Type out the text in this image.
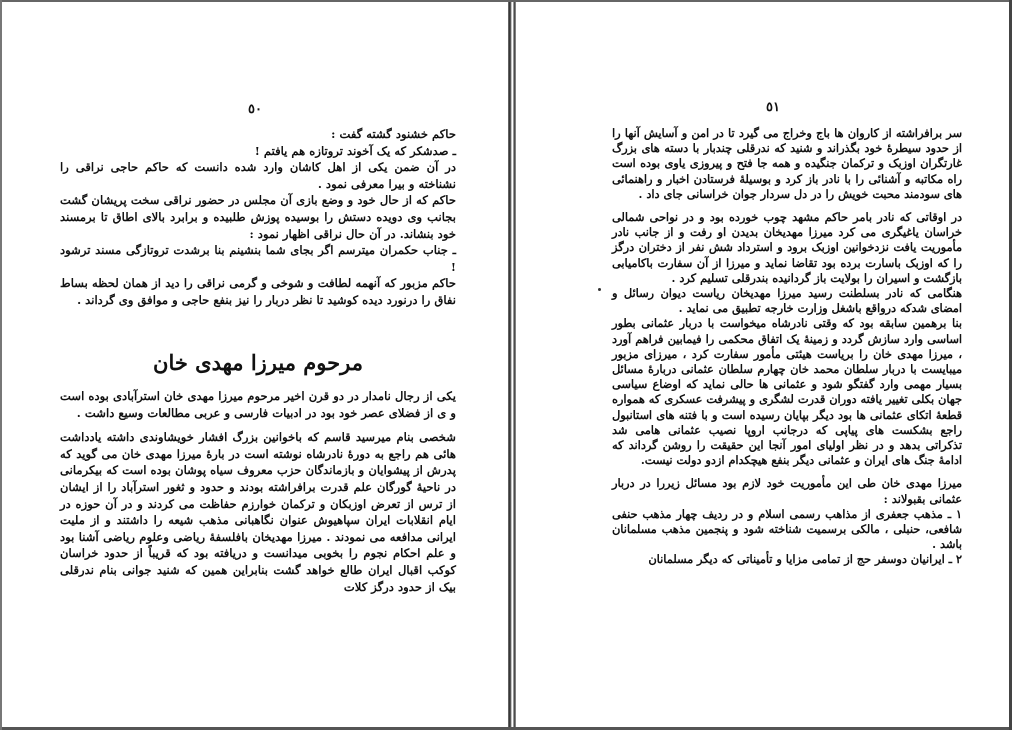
٥٠

حاکم خشنود گشته گفت :

ـ صدشکر که یک آخوند تروتازه هم یافتم !

در آن ضمن یکی از اهل کاشان وارد شده دانست که حاکم حاجی نراقی را نشناخته و بیرا معرفی نمود .

حاکم که از حال خود و وضع بازی آن مجلس در حضور نراقی سخت پریشان گشت بجانب وی دویده دستش را بوسیده پوزش طلبیده و برابرد بالای اطاق تا برمسند خود بنشاند. در آن حال نراقی اظهار نمود :

ـ جناب حکمران میترسم اگر بجای شما بنشینم بنا برشدت تروتازگی مسند ترشود !

حاکم مزبور که آنهمه لطافت و شوخی و گرمی نراقی را دید از همان لحظه بساط نفاق را درنورد دیده کوشید تا نظر دربار را نیز بنفع حاجی و موافق وی گرداند .

مرحوم میرزا مهدی خان

یکی از رجال نامدار در دو قرن اخیر مرحوم میرزا مهدی خان استرآبادی بوده است و ی از فضلای عصر خود بود در ادبیات فارسی و عربی مطالعات وسیع داشت .

شخصی بنام میرسید قاسم که باخوانین بزرگ افشار خویشاوندی داشته یادداشت هائی هم راجع به دورهٔ نادرشاه نوشته است در بارهٔ میرزا مهدی خان می گوید که پدرش از پیشوایان و بازماندگان حزب معروف سیاه پوشان بوده است که بیکرمانی در ناحیهٔ گورگان علم قدرت برافراشته بودند و حدود و ثغور استرآباد را از ایشان از ترس از تعرض اوزبکان و ترکمان خوارزم حفاظت می کردند و در آن حوزه در ایام انقلابات ایران سپاهیوش عنوان نگاهبانی مذهب شیعه را داشتند و از ملیت ایرانی مدافعه می نمودند . میرزا مهدیخان بافلسفهٔ ریاضی وعلوم ریاضی آشنا بود و علم احکام نجوم را بخوبی میدانست و دریافته بود که قریباً از حدود خراسان کوکب اقبال ایران طالع خواهد گشت بنابراین همین که شنید جوانی بنام ندرقلی بیک از حدود درگز کلات

٥١

سر برافراشته از کاروان ها باج وخراج می گیرد تا در امن و آسایش آنها را از حدود سیطرهٔ خود بگذراند و شنید که ندرقلی چندبار با دسته های بزرگ غارتگران اوزبک و ترکمان جنگیده و همه جا فتح و پیروزی یاوی بوده است راه مکاتبه و آشنائی را با نادر باز کرد و بوسیلهٔ فرستادن اخبار و راهنمائی های سودمند محبت خویش را در دل سردار جوان خراسانی جای داد .

در اوقاتی که نادر بامر حاکم مشهد چوب خورده بود و در نواحی شمالی خراسان یاغیگری می کرد میرزا مهدیخان بدیدن او رفت و از جانب نادر مأموریت یافت نزدخوانین اوزبک برود و استرداد شش نفر از دختران درگز را که اوزبک باسارت برده بود تقاضا نماید و میرزا از آن سفارت باکامیابی بازگشت و اسیران را بولایت باز گردانیده بندرقلی تسلیم کرد .

هنگامی که نادر بسلطنت رسید میرزا مهدیخان ریاست دیوان رسائل و امضای شدکه درواقع باشغل وزارت خارجه تطبیق می نماید .

بنا برهمین سابقه بود که وقتی نادرشاه میخواست با دربار عثمانی بطور اساسی وارد سازش گردد و زمینهٔ یک اتفاق محکمی را فیمابین فراهم آورد ، میرزا مهدی خان را بریاست هیئتی مأمور سفارت کرد ، میرزای مزبور میبایست با دربار سلطان محمد خان چهارم سلطان عثمانی دربارهٔ مسائل بسیار مهمی وارد گفتگو شود و عثمانی ها حالی نماید که اوضاع سیاسی جهان بکلی تغییر یافته دوران قدرت لشگری و پیشرفت عسکری که همواره قطعهٔ اتکای عثمانی ها بود دیگر بپایان رسیده است و با فتنه های استانبول راجع بشکست های پیاپی که درجانب اروپا نصیب عثمانی هامی شد تذکراتی بدهد و در نظر اولیای امور آنجا این حقیقت را روشن گرداند که ادامهٔ جنگ های ایران و عثمانی دیگر بنفع هیچکدام ازدو دولت نیست.

میرزا مهدی خان طی این مأموریت خود لازم بود مسائل زیررا در دربار عثمانی بقبولاند :

۱ ـ مذهب جعفری از مذاهب رسمی اسلام و در ردیف چهار مذهب حنفی شافعی، حنبلی ، مالکی برسمیت شناخته شود و پنجمین مذهب مسلمانان باشد .

۲ ـ ایرانیان دوسفر حج از تمامی مزایا و تأمیناتی که دیگر مسلمانان
